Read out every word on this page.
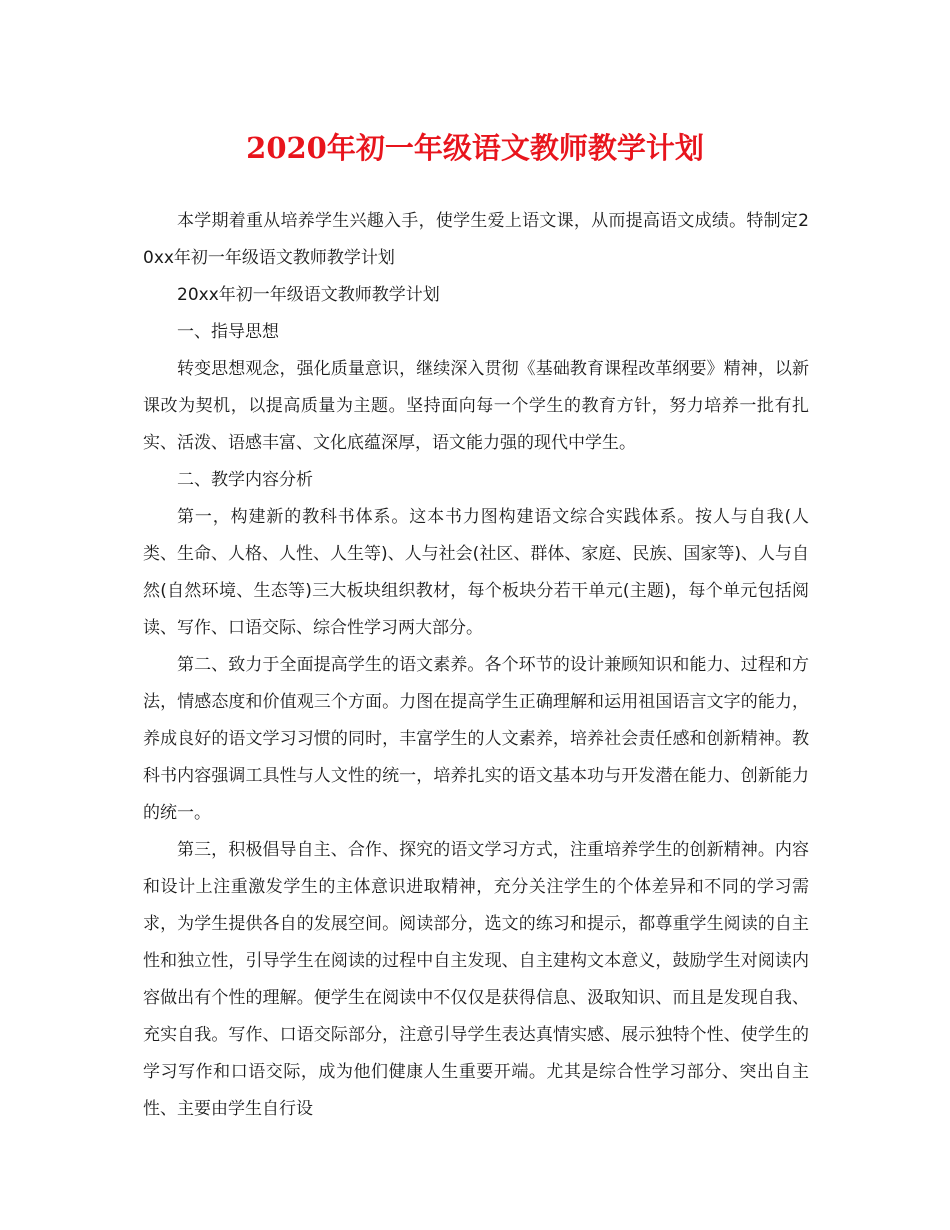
2020年初一年级语文教师教学计划

本学期着重从培养学生兴趣入手，使学生爱上语文课，从而提高语文成绩。特制定20xx年初一年级语文教师教学计划

20xx年初一年级语文教师教学计划

一、指导思想

转变思想观念，强化质量意识，继续深入贯彻《基础教育课程改革纲要》精神，以新课改为契机，以提高质量为主题。坚持面向每一个学生的教育方针，努力培养一批有扎实、活泼、语感丰富、文化底蕴深厚，语文能力强的现代中学生。

二、教学内容分析

第一，构建新的教科书体系。这本书力图构建语文综合实践体系。按人与自我(人类、生命、人格、人性、人生等)、人与社会(社区、群体、家庭、民族、国家等)、人与自然(自然环境、生态等)三大板块组织教材，每个板块分若干单元(主题)，每个单元包括阅读、写作、口语交际、综合性学习两大部分。

第二、致力于全面提高学生的语文素养。各个环节的设计兼顾知识和能力、过程和方法，情感态度和价值观三个方面。力图在提高学生正确理解和运用祖国语言文字的能力，养成良好的语文学习习惯的同时，丰富学生的人文素养，培养社会责任感和创新精神。教科书内容强调工具性与人文性的统一，培养扎实的语文基本功与开发潜在能力、创新能力的统一。

第三，积极倡导自主、合作、探究的语文学习方式，注重培养学生的创新精神。内容和设计上注重激发学生的主体意识进取精神，充分关注学生的个体差异和不同的学习需求，为学生提供各自的发展空间。阅读部分，选文的练习和提示，都尊重学生阅读的自主性和独立性，引导学生在阅读的过程中自主发现、自主建构文本意义，鼓励学生对阅读内容做出有个性的理解。便学生在阅读中不仅仅是获得信息、汲取知识、而且是发现自我、充实自我。写作、口语交际部分，注意引导学生表达真情实感、展示独特个性、使学生的学习写作和口语交际，成为他们健康人生重要开端。尤其是综合性学习部分、突出自主性、主要由学生自行设
